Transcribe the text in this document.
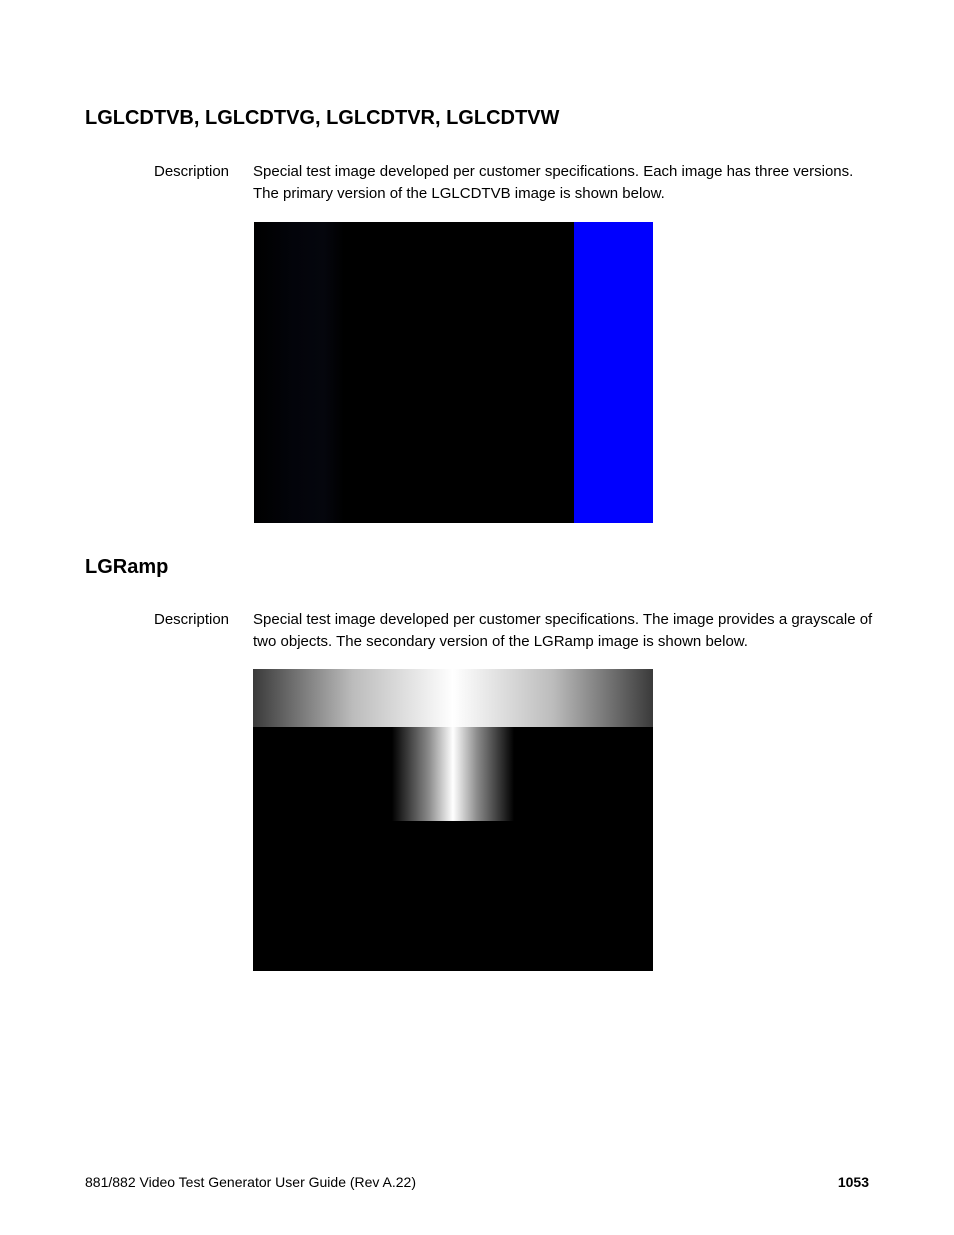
LGLCDTVB, LGLCDTVG, LGLCDTVR, LGLCDTVW
Description Special test image developed per customer specifications. Each image has three versions. The primary version of the LGLCDTVB image is shown below.
LGRamp
Description Special test image developed per customer specifications. The image provides a grayscale of two objects. The secondary version of the LGRamp image is shown below.
881/882 Video Test Generator User Guide (Rev A.22)	1053
